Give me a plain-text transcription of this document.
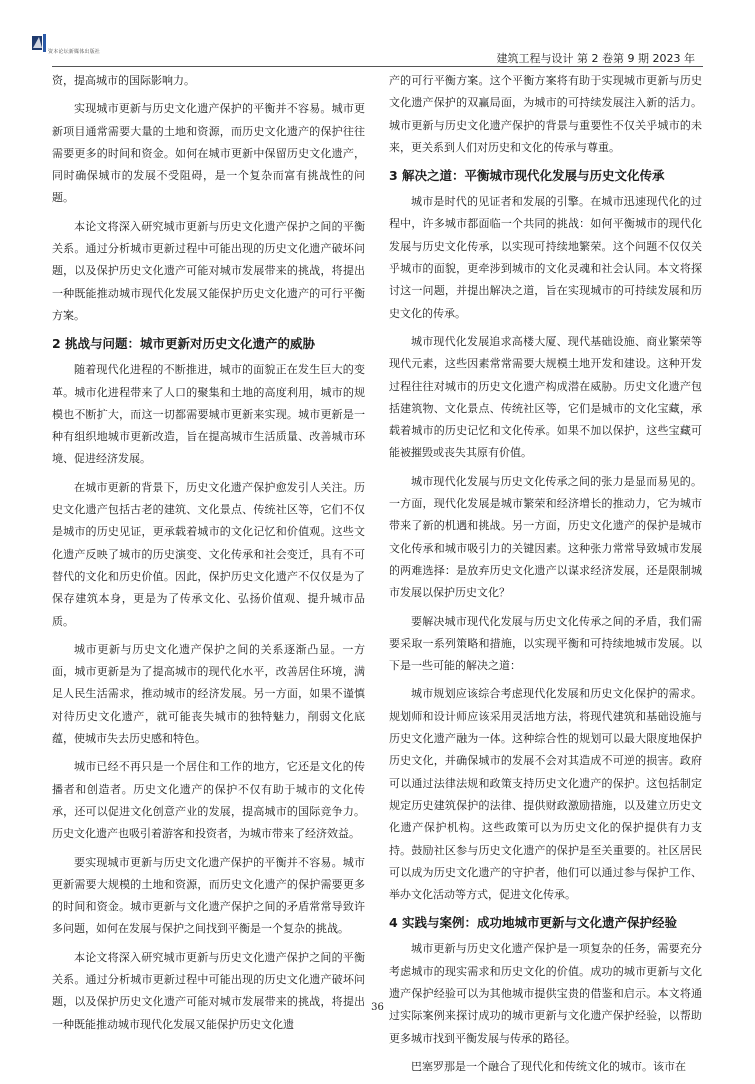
资本论坛新媒体出版社	建筑工程与设计 第 2 卷第 9 期 2023 年

资，提高城市的国际影响力。

实现城市更新与历史文化遗产保护的平衡并不容易。城市更新项目通常需要大量的土地和资源，而历史文化遗产的保护往往需要更多的时间和资金。如何在城市更新中保留历史文化遗产，同时确保城市的发展不受阻碍，是一个复杂而富有挑战性的问题。

本论文将深入研究城市更新与历史文化遗产保护之间的平衡关系。通过分析城市更新过程中可能出现的历史文化遗产破坏问题，以及保护历史文化遗产可能对城市发展带来的挑战，将提出一种既能推动城市现代化发展又能保护历史文化遗产的可行平衡方案。

2 挑战与问题：城市更新对历史文化遗产的威胁

随着现代化进程的不断推进，城市的面貌正在发生巨大的变革。城市化进程带来了人口的聚集和土地的高度利用，城市的规模也不断扩大，而这一切都需要城市更新来实现。城市更新是一种有组织地城市更新改造，旨在提高城市生活质量、改善城市环境、促进经济发展。

在城市更新的背景下，历史文化遗产保护愈发引人关注。历史文化遗产包括古老的建筑、文化景点、传统社区等，它们不仅是城市的历史见证，更承载着城市的文化记忆和价值观。这些文化遗产反映了城市的历史演变、文化传承和社会变迁，具有不可替代的文化和历史价值。因此，保护历史文化遗产不仅仅是为了保存建筑本身，更是为了传承文化、弘扬价值观、提升城市品质。

城市更新与历史文化遗产保护之间的关系逐渐凸显。一方面，城市更新是为了提高城市的现代化水平，改善居住环境，满足人民生活需求，推动城市的经济发展。另一方面，如果不谨慎对待历史文化遗产，就可能丧失城市的独特魅力，削弱文化底蕴，使城市失去历史感和特色。

城市已经不再只是一个居住和工作的地方，它还是文化的传播者和创造者。历史文化遗产的保护不仅有助于城市的文化传承，还可以促进文化创意产业的发展，提高城市的国际竞争力。历史文化遗产也吸引着游客和投资者，为城市带来了经济效益。

要实现城市更新与历史文化遗产保护的平衡并不容易。城市更新需要大规模的土地和资源，而历史文化遗产的保护需要更多的时间和资金。城市更新与文化遗产保护之间的矛盾常常导致许多问题，如何在发展与保护之间找到平衡是一个复杂的挑战。

本论文将深入研究城市更新与历史文化遗产保护之间的平衡关系。通过分析城市更新过程中可能出现的历史文化遗产破坏问题，以及保护历史文化遗产可能对城市发展带来的挑战，将提出一种既能推动城市现代化发展又能保护历史文化遗

产的可行平衡方案。这个平衡方案将有助于实现城市更新与历史文化遗产保护的双赢局面，为城市的可持续发展注入新的活力。城市更新与历史文化遗产保护的背景与重要性不仅关乎城市的未来，更关系到人们对历史和文化的传承与尊重。

3 解决之道：平衡城市现代化发展与历史文化传承

城市是时代的见证者和发展的引擎。在城市迅速现代化的过程中，许多城市都面临一个共同的挑战：如何平衡城市的现代化发展与历史文化传承，以实现可持续地繁荣。这个问题不仅仅关乎城市的面貌，更牵涉到城市的文化灵魂和社会认同。本文将探讨这一问题，并提出解决之道，旨在实现城市的可持续发展和历史文化的传承。

城市现代化发展追求高楼大厦、现代基础设施、商业繁荣等现代元素，这些因素常常需要大规模土地开发和建设。这种开发过程往往对城市的历史文化遗产构成潜在威胁。历史文化遗产包括建筑物、文化景点、传统社区等，它们是城市的文化宝藏，承载着城市的历史记忆和文化传承。如果不加以保护，这些宝藏可能被摧毁或丧失其原有价值。

城市现代化发展与历史文化传承之间的张力是显而易见的。一方面，现代化发展是城市繁荣和经济增长的推动力，它为城市带来了新的机遇和挑战。另一方面，历史文化遗产的保护是城市文化传承和城市吸引力的关键因素。这种张力常常导致城市发展的两难选择：是放弃历史文化遗产以谋求经济发展，还是限制城市发展以保护历史文化？

要解决城市现代化发展与历史文化传承之间的矛盾，我们需要采取一系列策略和措施，以实现平衡和可持续地城市发展。以下是一些可能的解决之道：

城市规划应该综合考虑现代化发展和历史文化保护的需求。规划师和设计师应该采用灵活地方法，将现代建筑和基础设施与历史文化遗产融为一体。这种综合性的规划可以最大限度地保护历史文化，并确保城市的发展不会对其造成不可逆的损害。政府可以通过法律法规和政策支持历史文化遗产的保护。这包括制定规定历史建筑保护的法律、提供财政激励措施，以及建立历史文化遗产保护机构。这些政策可以为历史文化的保护提供有力支持。鼓励社区参与历史文化遗产的保护是至关重要的。社区居民可以成为历史文化遗产的守护者，他们可以通过参与保护工作、举办文化活动等方式，促进文化传承。

4 实践与案例：成功地城市更新与文化遗产保护经验

城市更新与历史文化遗产保护是一项复杂的任务，需要充分考虑城市的现实需求和历史文化的价值。成功的城市更新与文化遗产保护经验可以为其他城市提供宝贵的借鉴和启示。本文将通过实际案例来探讨成功的城市更新与文化遗产保护经验，以帮助更多城市找到平衡发展与传承的路径。

巴塞罗那是一个融合了现代化和传统文化的城市。该市在

36
